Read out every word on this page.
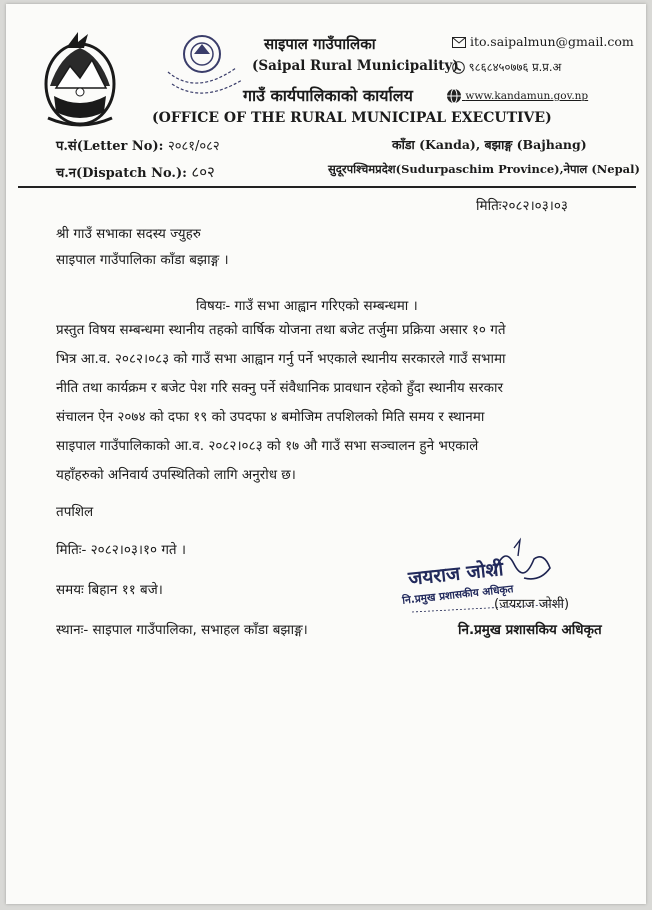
साइपाल गाउँपालिका
(Saipal Rural Municipality)
गाउँ कार्यपालिकाको कार्यालय
(OFFICE OF THE RURAL MUNICIPAL EXECUTIVE)
ito.saipalmun@gmail.com
९८६८४५०७७६ प्र.प्र.अ
www.kandamun.gov.np
प.सं(Letter No): २०८१/०८२
च.न(Dispatch No.): ८०२
काँडा (Kanda), बझाङ्ग (Bajhang)
सुदूरपश्चिमप्रदेश(Sudurpaschim Province),नेपाल (Nepal)
मितिः२०८२।०३।०३
श्री गाउँ सभाका सदस्य ज्युहरु
साइपाल गाउँपालिका काँडा बझाङ्ग ।
विषयः- गाउँ सभा आह्वान गरिएको सम्बन्धमा ।
प्रस्तुत विषय सम्बन्धमा स्थानीय तहको वार्षिक योजना तथा बजेट तर्जुमा प्रक्रिया असार १० गते
भित्र आ.व. २०८२।०८३ को गाउँ सभा आह्वान गर्नु पर्ने भएकाले स्थानीय सरकारले गाउँ सभामा
नीति तथा कार्यक्रम र बजेट पेश गरि सक्नु पर्ने संवैधानिक प्रावधान रहेको हुँदा स्थानीय सरकार
संचालन ऐन २०७४ को दफा १९ को उपदफा ४ बमोजिम तपशिलको मिति समय र स्थानमा
साइपाल गाउँपालिकाको आ.व. २०८२।०८३ को १७ औ गाउँ सभा सञ्चालन हुने भएकाले
यहाँहरुको अनिवार्य उपस्थितिको लागि अनुरोध छ।
तपशिल
मितिः- २०८२।०३।१० गते ।
समयः बिहान ११ बजे।
स्थानः- साइपाल गाउँपालिका, सभाहल काँडा बझाङ्ग।
जयराज जोशी
नि.प्रमुख प्रशासकीय अधिकृत
(जयराज जोशी)
नि.प्रमुख प्रशासकिय अधिकृत
